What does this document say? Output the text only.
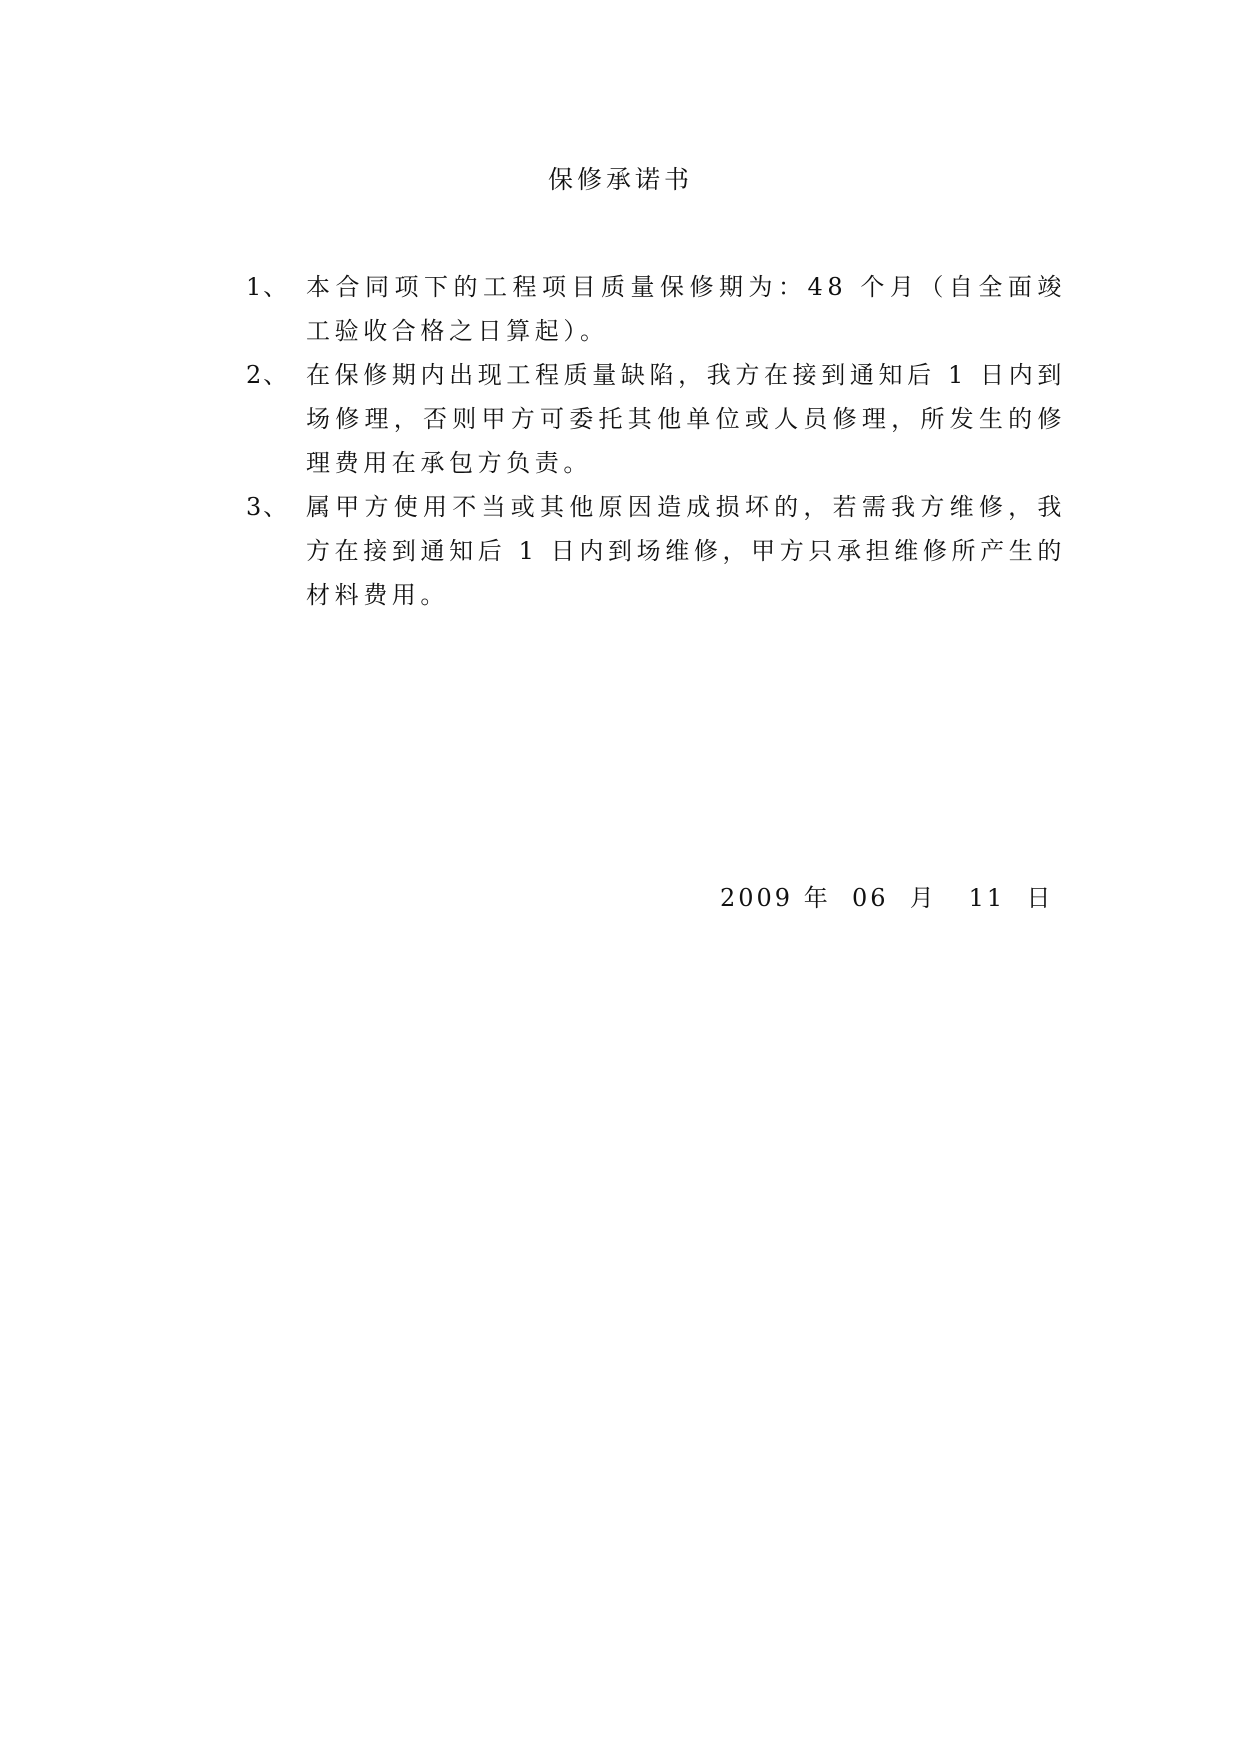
保修承诺书
1、 本合同项下的工程项目质量保修期为：48 个月（自全面竣工验收合格之日算起）。
2、 在保修期内出现工程质量缺陷，我方在接到通知后 1 日内到场修理，否则甲方可委托其他单位或人员修理，所发生的修理费用在承包方负责。
3、 属甲方使用不当或其他原因造成损坏的，若需我方维修，我方在接到通知后 1 日内到场维修，甲方只承担维修所产生的材料费用。
2009 年  06  月   11  日
